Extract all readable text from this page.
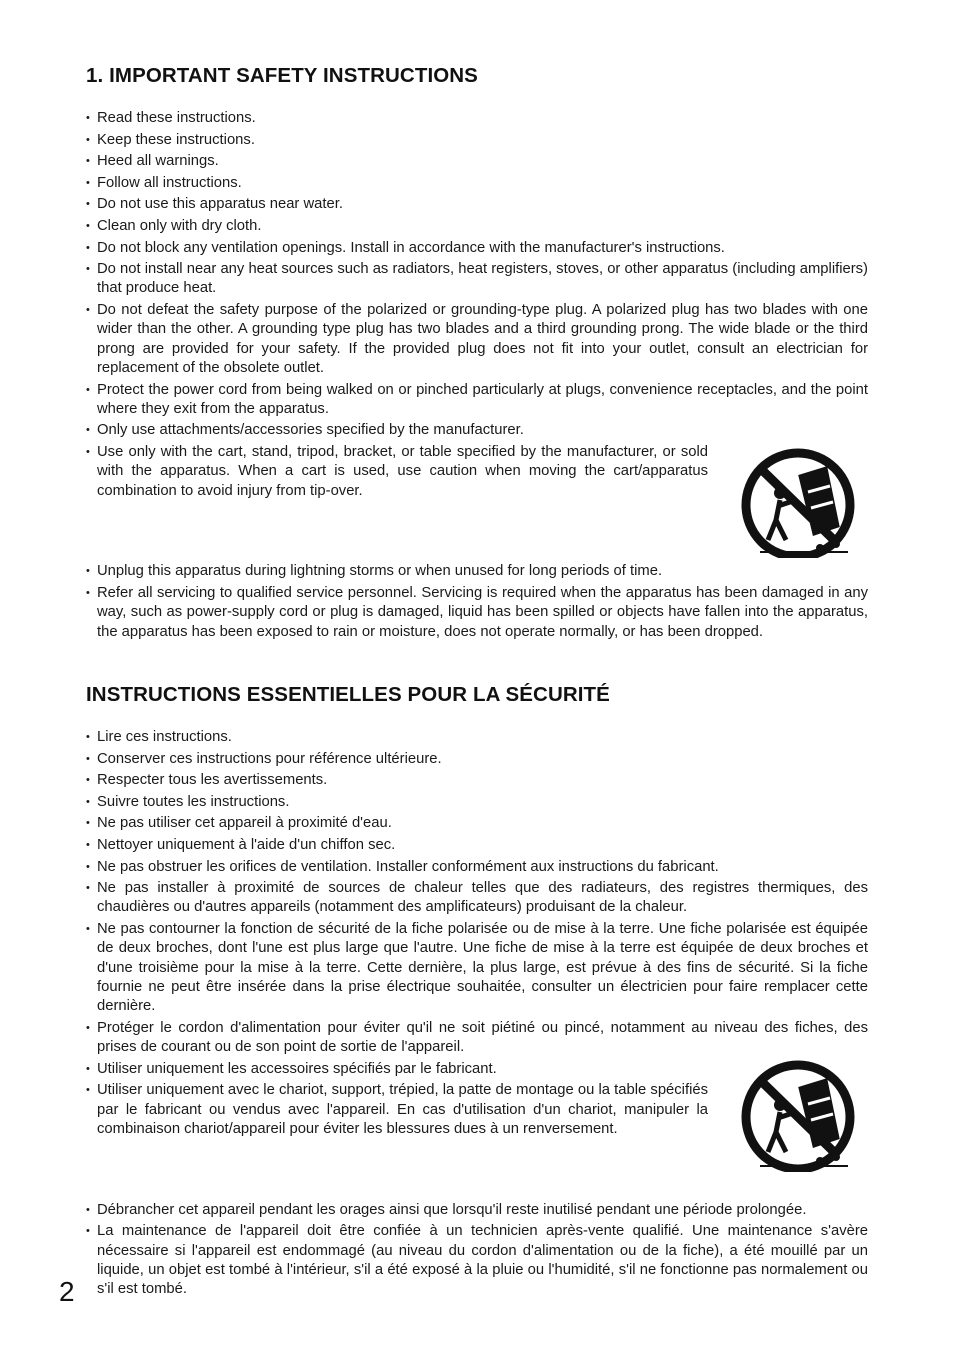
1. IMPORTANT SAFETY INSTRUCTIONS
• Read these instructions.
• Keep these instructions.
• Heed all warnings.
• Follow all instructions.
• Do not use this apparatus near water.
• Clean only with dry cloth.
• Do not block any ventilation openings. Install in accordance with the manufacturer's instructions.
• Do not install near any heat sources such as radiators, heat registers, stoves, or other apparatus (including amplifiers) that produce heat.
• Do not defeat the safety purpose of the polarized or grounding-type plug. A polarized plug has two blades with one wider than the other. A grounding type plug has two blades and a third grounding prong. The wide blade or the third prong are provided for your safety. If the provided plug does not fit into your outlet, consult an electrician for replacement of the obsolete outlet.
• Protect the power cord from being walked on or pinched particularly at plugs, convenience receptacles, and the point where they exit from the apparatus.
• Only use attachments/accessories specified by the manufacturer.
• Use only with the cart, stand, tripod, bracket, or table specified by the manufacturer, or sold with the apparatus. When a cart is used, use caution when moving the cart/apparatus combination to avoid injury from tip-over.
• Unplug this apparatus during lightning storms or when unused for long periods of time.
• Refer all servicing to qualified service personnel. Servicing is required when the apparatus has been damaged in any way, such as power-supply cord or plug is damaged, liquid has been spilled or objects have fallen into the apparatus, the apparatus has been exposed to rain or moisture, does not operate normally, or has been dropped.
INSTRUCTIONS ESSENTIELLES POUR LA SÉCURITÉ
• Lire ces instructions.
• Conserver ces instructions pour référence ultérieure.
• Respecter tous les avertissements.
• Suivre toutes les instructions.
• Ne pas utiliser cet appareil à proximité d'eau.
• Nettoyer uniquement à l'aide d'un chiffon sec.
• Ne pas obstruer les orifices de ventilation. Installer conformément aux instructions du fabricant.
• Ne pas installer à proximité de sources de chaleur telles que des radiateurs, des registres thermiques, des chaudières ou d'autres appareils (notamment des amplificateurs) produisant de la chaleur.
• Ne pas contourner la fonction de sécurité de la fiche polarisée ou de mise à la terre. Une fiche polarisée est équipée de deux broches, dont l'une est plus large que l'autre. Une fiche de mise à la terre est équipée de deux broches et d'une troisième pour la mise à la terre. Cette dernière, la plus large, est prévue à des fins de sécurité. Si la fiche fournie ne peut être insérée dans la prise électrique souhaitée, consulter un électricien pour faire remplacer cette dernière.
• Protéger le cordon d'alimentation pour éviter qu'il ne soit piétiné ou pincé, notamment au niveau des fiches, des prises de courant ou de son point de sortie de l'appareil.
• Utiliser uniquement les accessoires spécifiés par le fabricant.
• Utiliser uniquement avec le chariot, support, trépied, la patte de montage ou la table spécifiés par le fabricant ou vendus avec l'appareil. En cas d'utilisation d'un chariot, manipuler la combinaison chariot/appareil pour éviter les blessures dues à un renversement.
• Débrancher cet appareil pendant les orages ainsi que lorsqu'il reste inutilisé pendant une période prolongée.
• La maintenance de l'appareil doit être confiée à un technicien après-vente qualifié. Une maintenance s'avère nécessaire si l'appareil est endommagé (au niveau du cordon d'alimentation ou de la fiche), a été mouillé par un liquide, un objet est tombé à l'intérieur, s'il a été exposé à la pluie ou l'humidité, s'il ne fonctionne pas normalement ou s'il est tombé.
2
